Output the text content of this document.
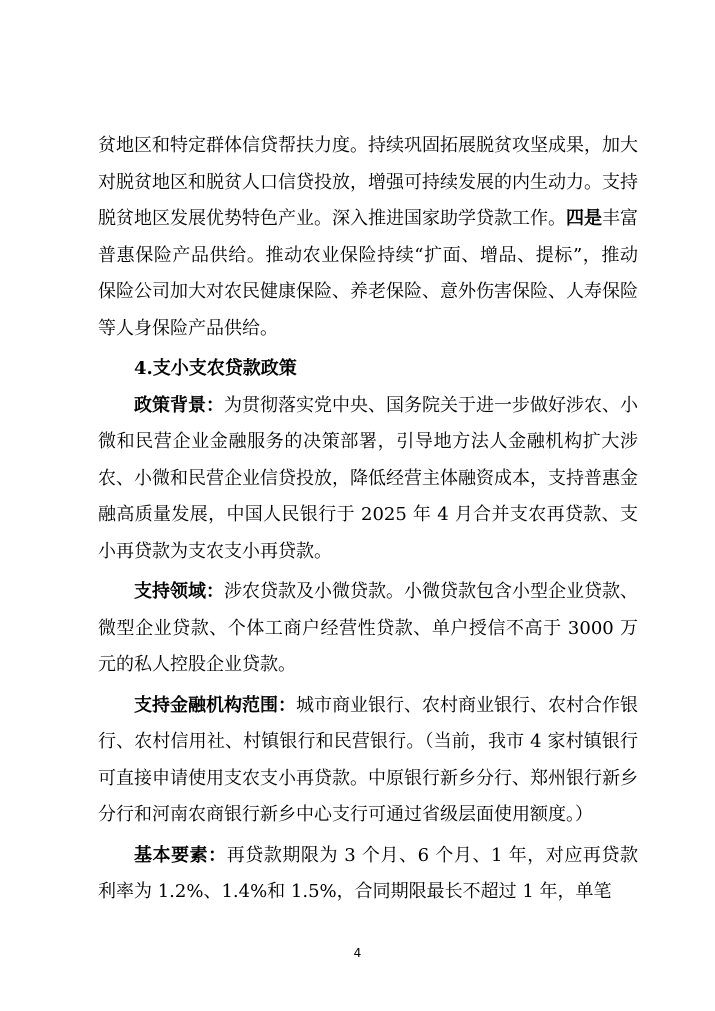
贫地区和特定群体信贷帮扶力度。持续巩固拓展脱贫攻坚成果，加大对脱贫地区和脱贫人口信贷投放，增强可持续发展的内生动力。支持脱贫地区发展优势特色产业。深入推进国家助学贷款工作。四是丰富普惠保险产品供给。推动农业保险持续“扩面、增品、提标”，推动保险公司加大对农民健康保险、养老保险、意外伤害保险、人寿保险等人身保险产品供给。

4.支小支农贷款政策

政策背景：为贯彻落实党中央、国务院关于进一步做好涉农、小微和民营企业金融服务的决策部署，引导地方法人金融机构扩大涉农、小微和民营企业信贷投放，降低经营主体融资成本，支持普惠金融高质量发展，中国人民银行于 2025 年 4 月合并支农再贷款、支小再贷款为支农支小再贷款。

支持领域：涉农贷款及小微贷款。小微贷款包含小型企业贷款、微型企业贷款、个体工商户经营性贷款、单户授信不高于 3000 万元的私人控股企业贷款。

支持金融机构范围：城市商业银行、农村商业银行、农村合作银行、农村信用社、村镇银行和民营银行。（当前，我市 4 家村镇银行可直接申请使用支农支小再贷款。中原银行新乡分行、郑州银行新乡分行和河南农商银行新乡中心支行可通过省级层面使用额度。）

基本要素：再贷款期限为 3 个月、6 个月、1 年，对应再贷款利率为 1.2%、1.4%和 1.5%，合同期限最长不超过 1 年，单笔

4
